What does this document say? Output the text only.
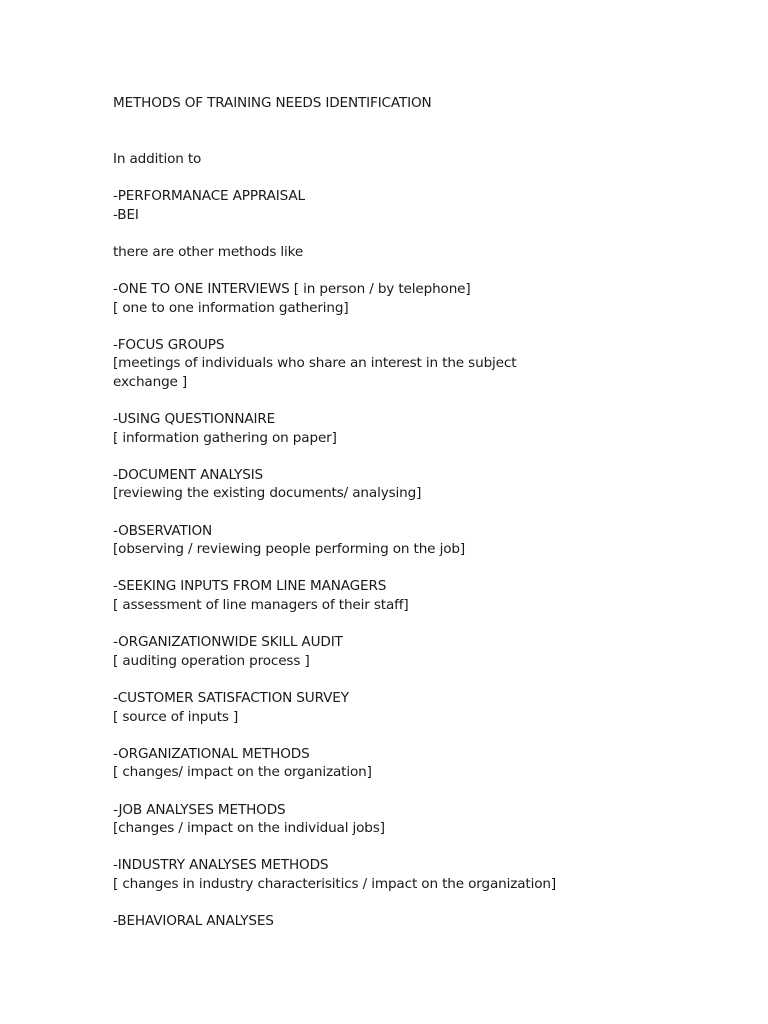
METHODS OF TRAINING NEEDS IDENTIFICATION
In addition to
-PERFORMANACE APPRAISAL
-BEI
there are other methods like
-ONE TO ONE INTERVIEWS [ in person / by telephone]
[ one to one information gathering]
-FOCUS GROUPS
[meetings of individuals who share an interest in the subject
exchange ]
-USING QUESTIONNAIRE
[ information gathering on paper]
-DOCUMENT ANALYSIS
[reviewing the existing documents/ analysing]
-OBSERVATION
[observing / reviewing people performing on the job]
-SEEKING INPUTS FROM LINE MANAGERS
[ assessment of line managers of their staff]
-ORGANIZATIONWIDE SKILL AUDIT
[ auditing operation process ]
-CUSTOMER SATISFACTION SURVEY
[ source of inputs ]
-ORGANIZATIONAL METHODS
[ changes/ impact on the organization]
-JOB ANALYSES METHODS
[changes / impact on the individual jobs]
-INDUSTRY ANALYSES METHODS
[ changes in industry characterisitics / impact on the organization]
-BEHAVIORAL ANALYSES
